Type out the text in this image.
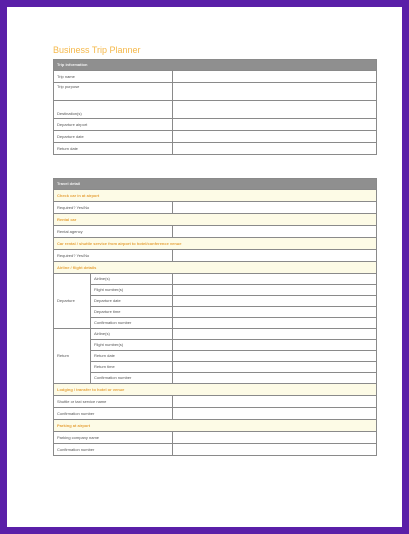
Business Trip Planner
Trip information	
Trip name	
Trip purpose	
Destination(s)	
Departure airport	
Departure date	
Return date	
Travel detail		
Check car in at airport		
Required? Yes/No		
Rental car		
Rental agency		
Car rental / shuttle service from airport to hotel/conference venue		
Required? Yes/No		
Airline / flight details		
Departure	Airline(s)	
	Flight number(s)	
	Departure date	
	Departure time	
	Confirmation number	
Return	Airline(s)	
	Flight number(s)	
	Return date	
	Return time	
	Confirmation number	
Lodging / transfer to hotel or venue		
Shuttle or taxi service name		
Confirmation number		
Parking at airport		
Parking company name		
Confirmation number		
